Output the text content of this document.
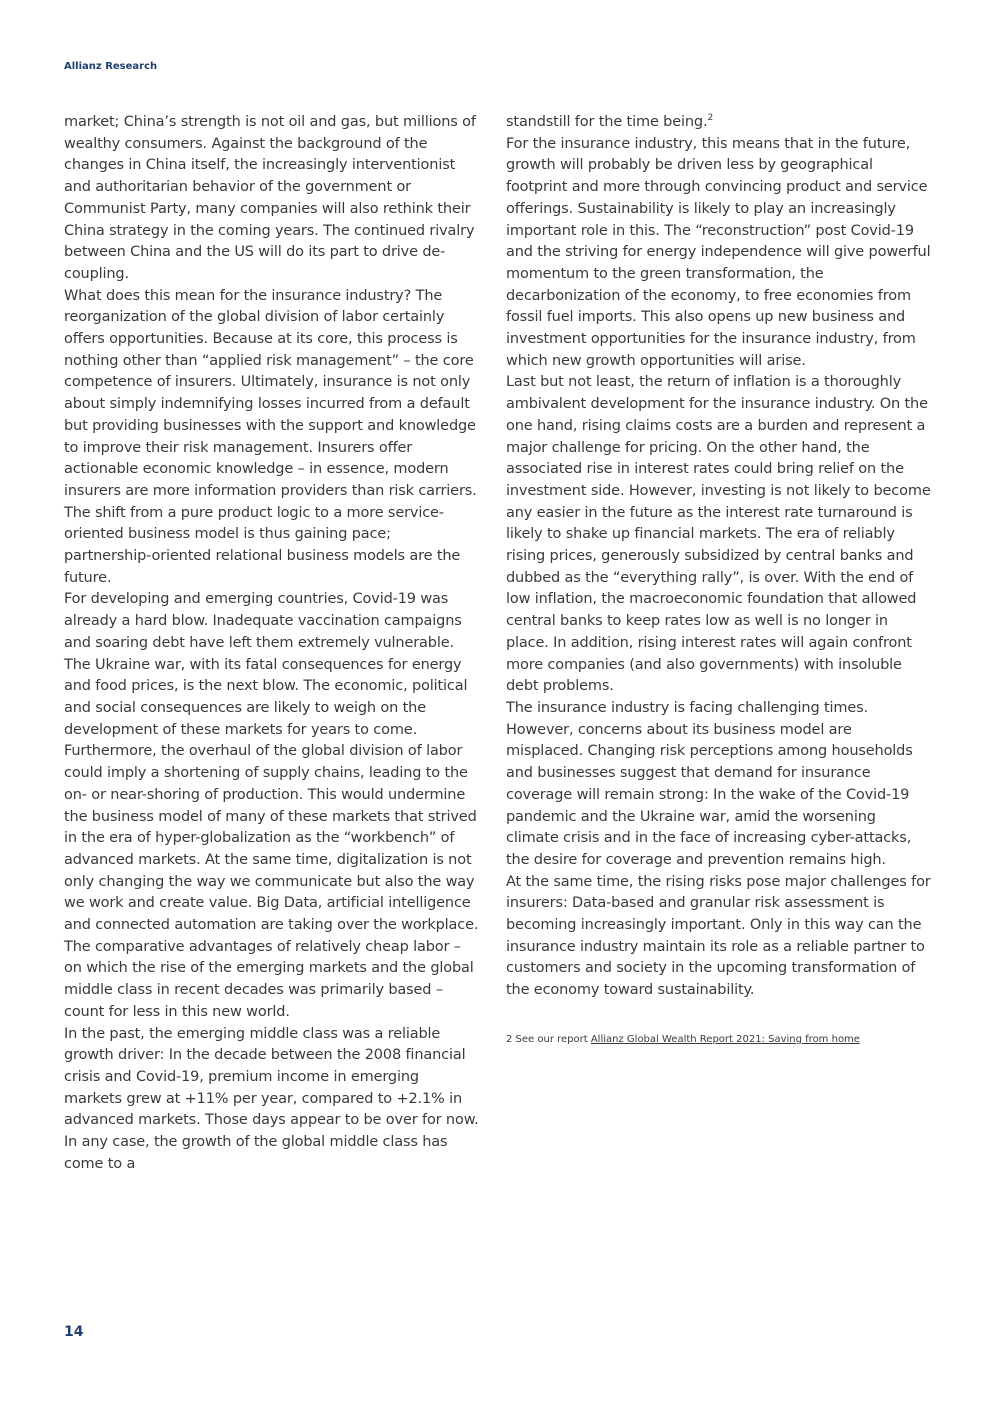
Allianz Research

market; China’s strength is not oil and gas, but millions of wealthy consumers. Against the background of the changes in China itself, the increasingly interventionist and authoritarian behavior of the government or Communist Party, many companies will also rethink their China strategy in the coming years. The continued rivalry between China and the US will do its part to drive de-coupling.

What does this mean for the insurance industry? The reorganization of the global division of labor certainly offers opportunities. Because at its core, this process is nothing other than “applied risk management” – the core competence of insurers. Ultimately, insurance is not only about simply indemnifying losses incurred from a default but providing businesses with the support and knowledge to improve their risk management. Insurers offer actionable economic knowledge – in essence, modern insurers are more information providers than risk carriers. The shift from a pure product logic to a more service-oriented business model is thus gaining pace; partnership-oriented relational business models are the future.

For developing and emerging countries, Covid-19 was already a hard blow. Inadequate vaccination campaigns and soaring debt have left them extremely vulnerable. The Ukraine war, with its fatal consequences for energy and food prices, is the next blow. The economic, political and social consequences are likely to weigh on the development of these markets for years to come. Furthermore, the overhaul of the global division of labor could imply a shortening of supply chains, leading to the on- or near-shoring of production. This would undermine the business model of many of these markets that strived in the era of hyper-globalization as the “workbench” of advanced markets. At the same time, digitalization is not only changing the way we communicate but also the way we work and create value. Big Data, artificial intelligence and connected automation are taking over the workplace. The comparative advantages of relatively cheap labor – on which the rise of the emerging markets and the global middle class in recent decades was primarily based – count for less in this new world.

In the past, the emerging middle class was a reliable growth driver: In the decade between the 2008 financial crisis and Covid-19, premium income in emerging markets grew at +11% per year, compared to +2.1% in advanced markets. Those days appear to be over for now. In any case, the growth of the global middle class has come to a

standstill for the time being.$^2$

For the insurance industry, this means that in the future, growth will probably be driven less by geographical footprint and more through convincing product and service offerings. Sustainability is likely to play an increasingly important role in this. The “reconstruction” post Covid-19 and the striving for energy independence will give powerful momentum to the green transformation, the decarbonization of the economy, to free economies from fossil fuel imports. This also opens up new business and investment opportunities for the insurance industry, from which new growth opportunities will arise.

Last but not least, the return of inflation is a thoroughly ambivalent development for the insurance industry. On the one hand, rising claims costs are a burden and represent a major challenge for pricing. On the other hand, the associated rise in interest rates could bring relief on the investment side. However, investing is not likely to become any easier in the future as the interest rate turnaround is likely to shake up financial markets. The era of reliably rising prices, generously subsidized by central banks and dubbed as the “everything rally”, is over. With the end of low inflation, the macroeconomic foundation that allowed central banks to keep rates low as well is no longer in place. In addition, rising interest rates will again confront more companies (and also governments) with insoluble debt problems.

The insurance industry is facing challenging times. However, concerns about its business model are misplaced. Changing risk perceptions among households and businesses suggest that demand for insurance coverage will remain strong: In the wake of the Covid-19 pandemic and the Ukraine war, amid the worsening climate crisis and in the face of increasing cyber-attacks, the desire for coverage and prevention remains high.

At the same time, the rising risks pose major challenges for insurers: Data-based and granular risk assessment is becoming increasingly important. Only in this way can the insurance industry maintain its role as a reliable partner to customers and society in the upcoming transformation of the economy toward sustainability.

2 See our report Allianz Global Wealth Report 2021: Saving from home
14
